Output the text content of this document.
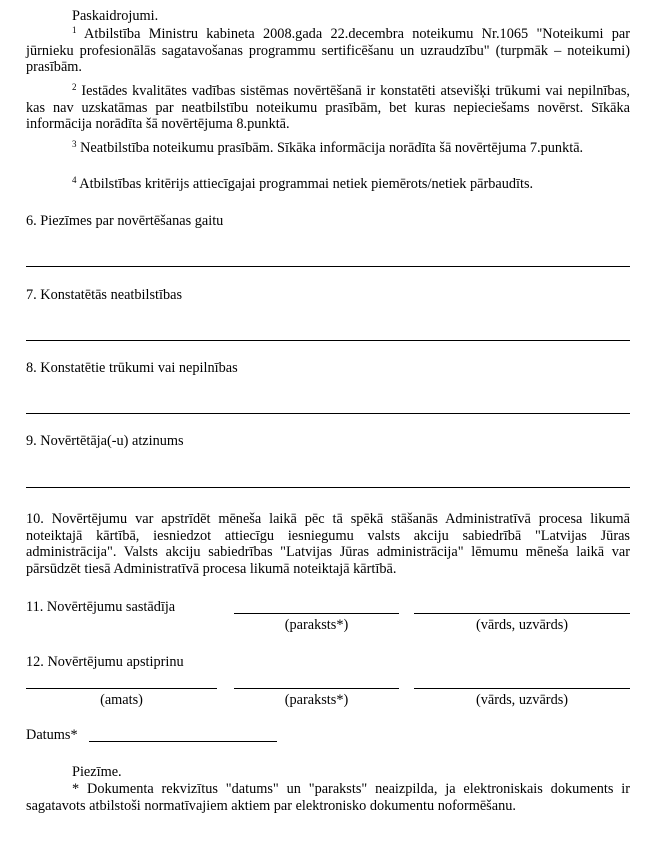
Paskaidrojumi.
$^1$ Atbilstība Ministru kabineta 2008.gada 22.decembra noteikumu Nr.1065 "Noteikumi par jūrnieku profesionālās sagatavošanas programmu sertificēšanu un uzraudzību" (turpmāk – noteikumi) prasībām.
$^2$ Iestādes kvalitātes vadības sistēmas novērtēšanā ir konstatēti atsevišķi trūkumi vai nepilnības, kas nav uzskatāmas par neatbilstību noteikumu prasībām, bet kuras nepieciešams novērst. Sīkāka informācija norādīta šā novērtējuma 8.punktā.
$^3$ Neatbilstība noteikumu prasībām. Sīkāka informācija norādīta šā novērtējuma 7.punktā.
$^4$ Atbilstības kritērijs attiecīgajai programmai netiek piemērots/netiek pārbaudīts.
6. Piezīmes par novērtēšanas gaitu
7. Konstatētās neatbilstības
8. Konstatētie trūkumi vai nepilnības
9. Novērtētāja(-u) atzinums
10. Novērtējumu var apstrīdēt mēneša laikā pēc tā spēkā stāšanās Administratīvā procesa likumā noteiktajā kārtībā, iesniedzot attiecīgu iesniegumu valsts akciju sabiedrībā "Latvijas Jūras administrācija". Valsts akciju sabiedrības "Latvijas Jūras administrācija" lēmumu mēneša laikā var pārsūdzēt tiesā Administratīvā procesa likumā noteiktajā kārtībā.
11. Novērtējumu sastādīja
(paraksts*)	(vārds, uzvārds)
12. Novērtējumu apstiprinu
(amats)	(paraksts*)	(vārds, uzvārds)
Datums*
Piezīme.
* Dokumenta rekvizītus "datums" un "paraksts" neaizpilda, ja elektroniskais dokuments ir sagatavots atbilstoši normatīvajiem aktiem par elektronisko dokumentu noformēšanu.
